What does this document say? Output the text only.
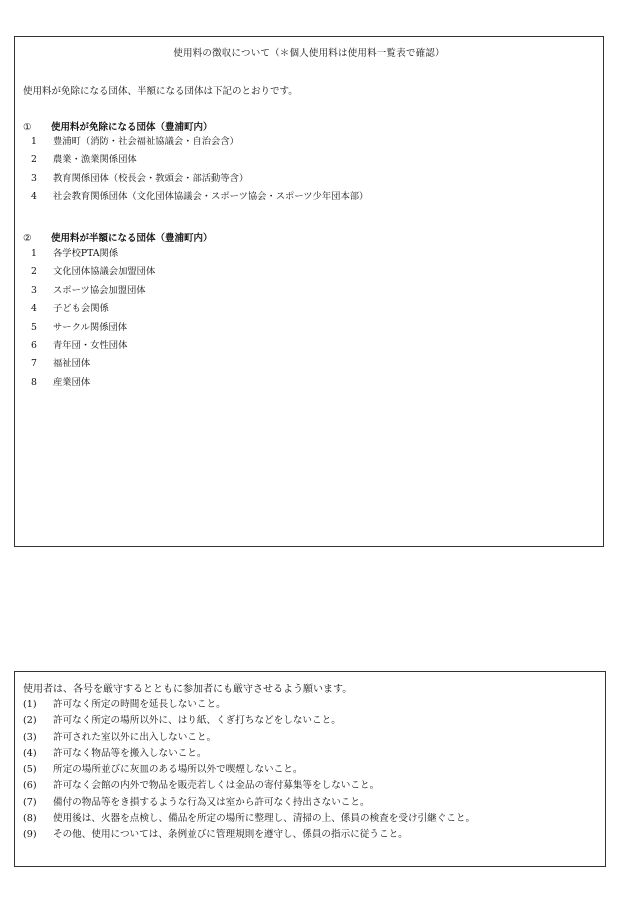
使用料の徴収について（＊個人使用料は使用料一覧表で確認）
使用料が免除になる団体、半額になる団体は下記のとおりです。
① 使用料が免除になる団体（豊浦町内）
1 豊浦町（消防・社会福祉協議会・自治会含）
2 農業・漁業関係団体
3 教育関係団体（校長会・教頭会・部活動等含）
4 社会教育関係団体（文化団体協議会・スポーツ協会・スポーツ少年団本部）
② 使用料が半額になる団体（豊浦町内）
1 各学校PTA関係
2 文化団体協議会加盟団体
3 スポーツ協会加盟団体
4 子ども会関係
5 サークル関係団体
6 青年団・女性団体
7 福祉団体
8 産業団体
使用者は、各号を厳守するとともに参加者にも厳守させるよう願います。
(1) 許可なく所定の時間を延長しないこと。
(2) 許可なく所定の場所以外に、はり紙、くぎ打ちなどをしないこと。
(3) 許可された室以外に出入しないこと。
(4) 許可なく物品等を搬入しないこと。
(5) 所定の場所並びに灰皿のある場所以外で喫煙しないこと。
(6) 許可なく会館の内外で物品を販売若しくは金品の寄付募集等をしないこと。
(7) 備付の物品等をき損するような行為又は室から許可なく持出さないこと。
(8) 使用後は、火器を点検し、備品を所定の場所に整理し、清掃の上、係員の検査を受け引継ぐこと。
(9) その他、使用については、条例並びに管理規則を遵守し、係員の指示に従うこと。
